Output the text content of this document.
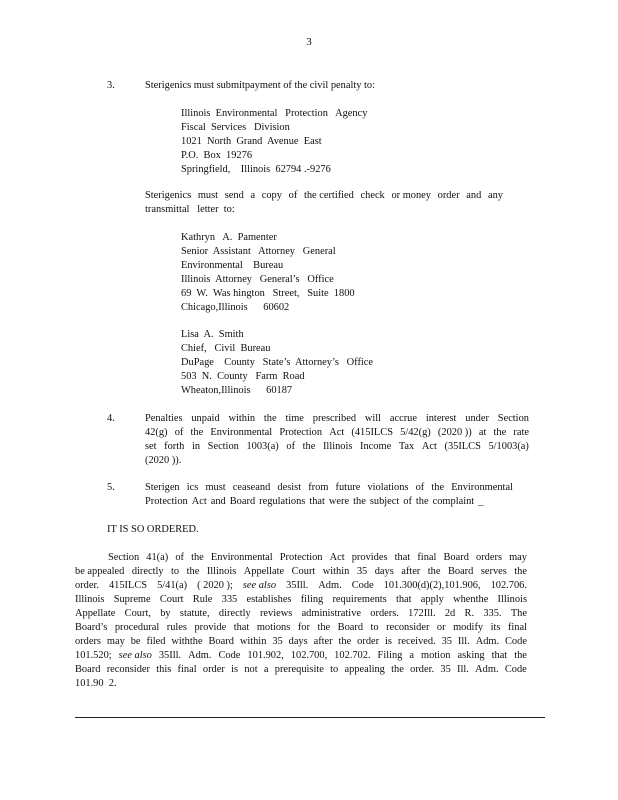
3
3.	Sterigenics must submitpayment of the civil penalty to:
Illinois  Environmental   Protection   Agency
Fiscal  Services   Division
1021  North  Grand  Avenue  East
P.O.  Box  19276
Springfield,    Illinois  62794 .-9276
Sterigenics must send a copy of the certified check or money order and any
transmittal   letter  to:
Kathryn   A.  Pamenter
Senior  Assistant   Attorney   General
Environmental    Bureau
Illinois  Attorney   General’s   Office
69  W.  Was hington   Street,   Suite  1800
Chicago,Illinois      60602
Lisa  A.  Smith
Chief,   Civil  Bureau
DuPage    County   State’s  Attorney’s   Office
503  N.  County   Farm  Road
Wheaton,Illinois      60187
4.	Penalties unpaid within the time prescribed will accrue interest under Section
42(g) of the Environmental Protection Act (415ILCS 5/42(g) (2020 )) at the rate
set forth in Section 1003(a) of the Illinois Income Tax Act (35ILCS 5/1003(a)
(2020 )).
5.	Sterigen ics must ceaseand desist from future violations of the Environmental
Protection Act and Board regulations that were the subject of the complaint _
IT IS SO ORDERED.
Section 41(a) of the Environmental Protection Act provides that final Board orders may
be appealed directly to the Illinois Appellate Court within 35 days after the Board serves the
order. 415ILCS 5/41(a) ( 2020 ); see also 35Ill. Adm. Code 101.300(d)(2),101.906, 102.706.
Illinois Supreme Court Rule 335 establishes filing requirements that apply whenthe Illinois
Appellate Court, by statute, directly reviews administrative orders. 172Ill. 2d R. 335. The
Board’s procedural rules provide that motions for the Board to reconsider or modify its final
orders may be filed withthe Board within 35 days after the order is received. 35 Ill. Adm. Code
101.520; see also 35Ill. Adm. Code 101.902, 102.700, 102.702. Filing a motion asking that the
Board reconsider this final order is not a prerequisite to appealing the order. 35 Ill. Adm. Code
101.90  2.
